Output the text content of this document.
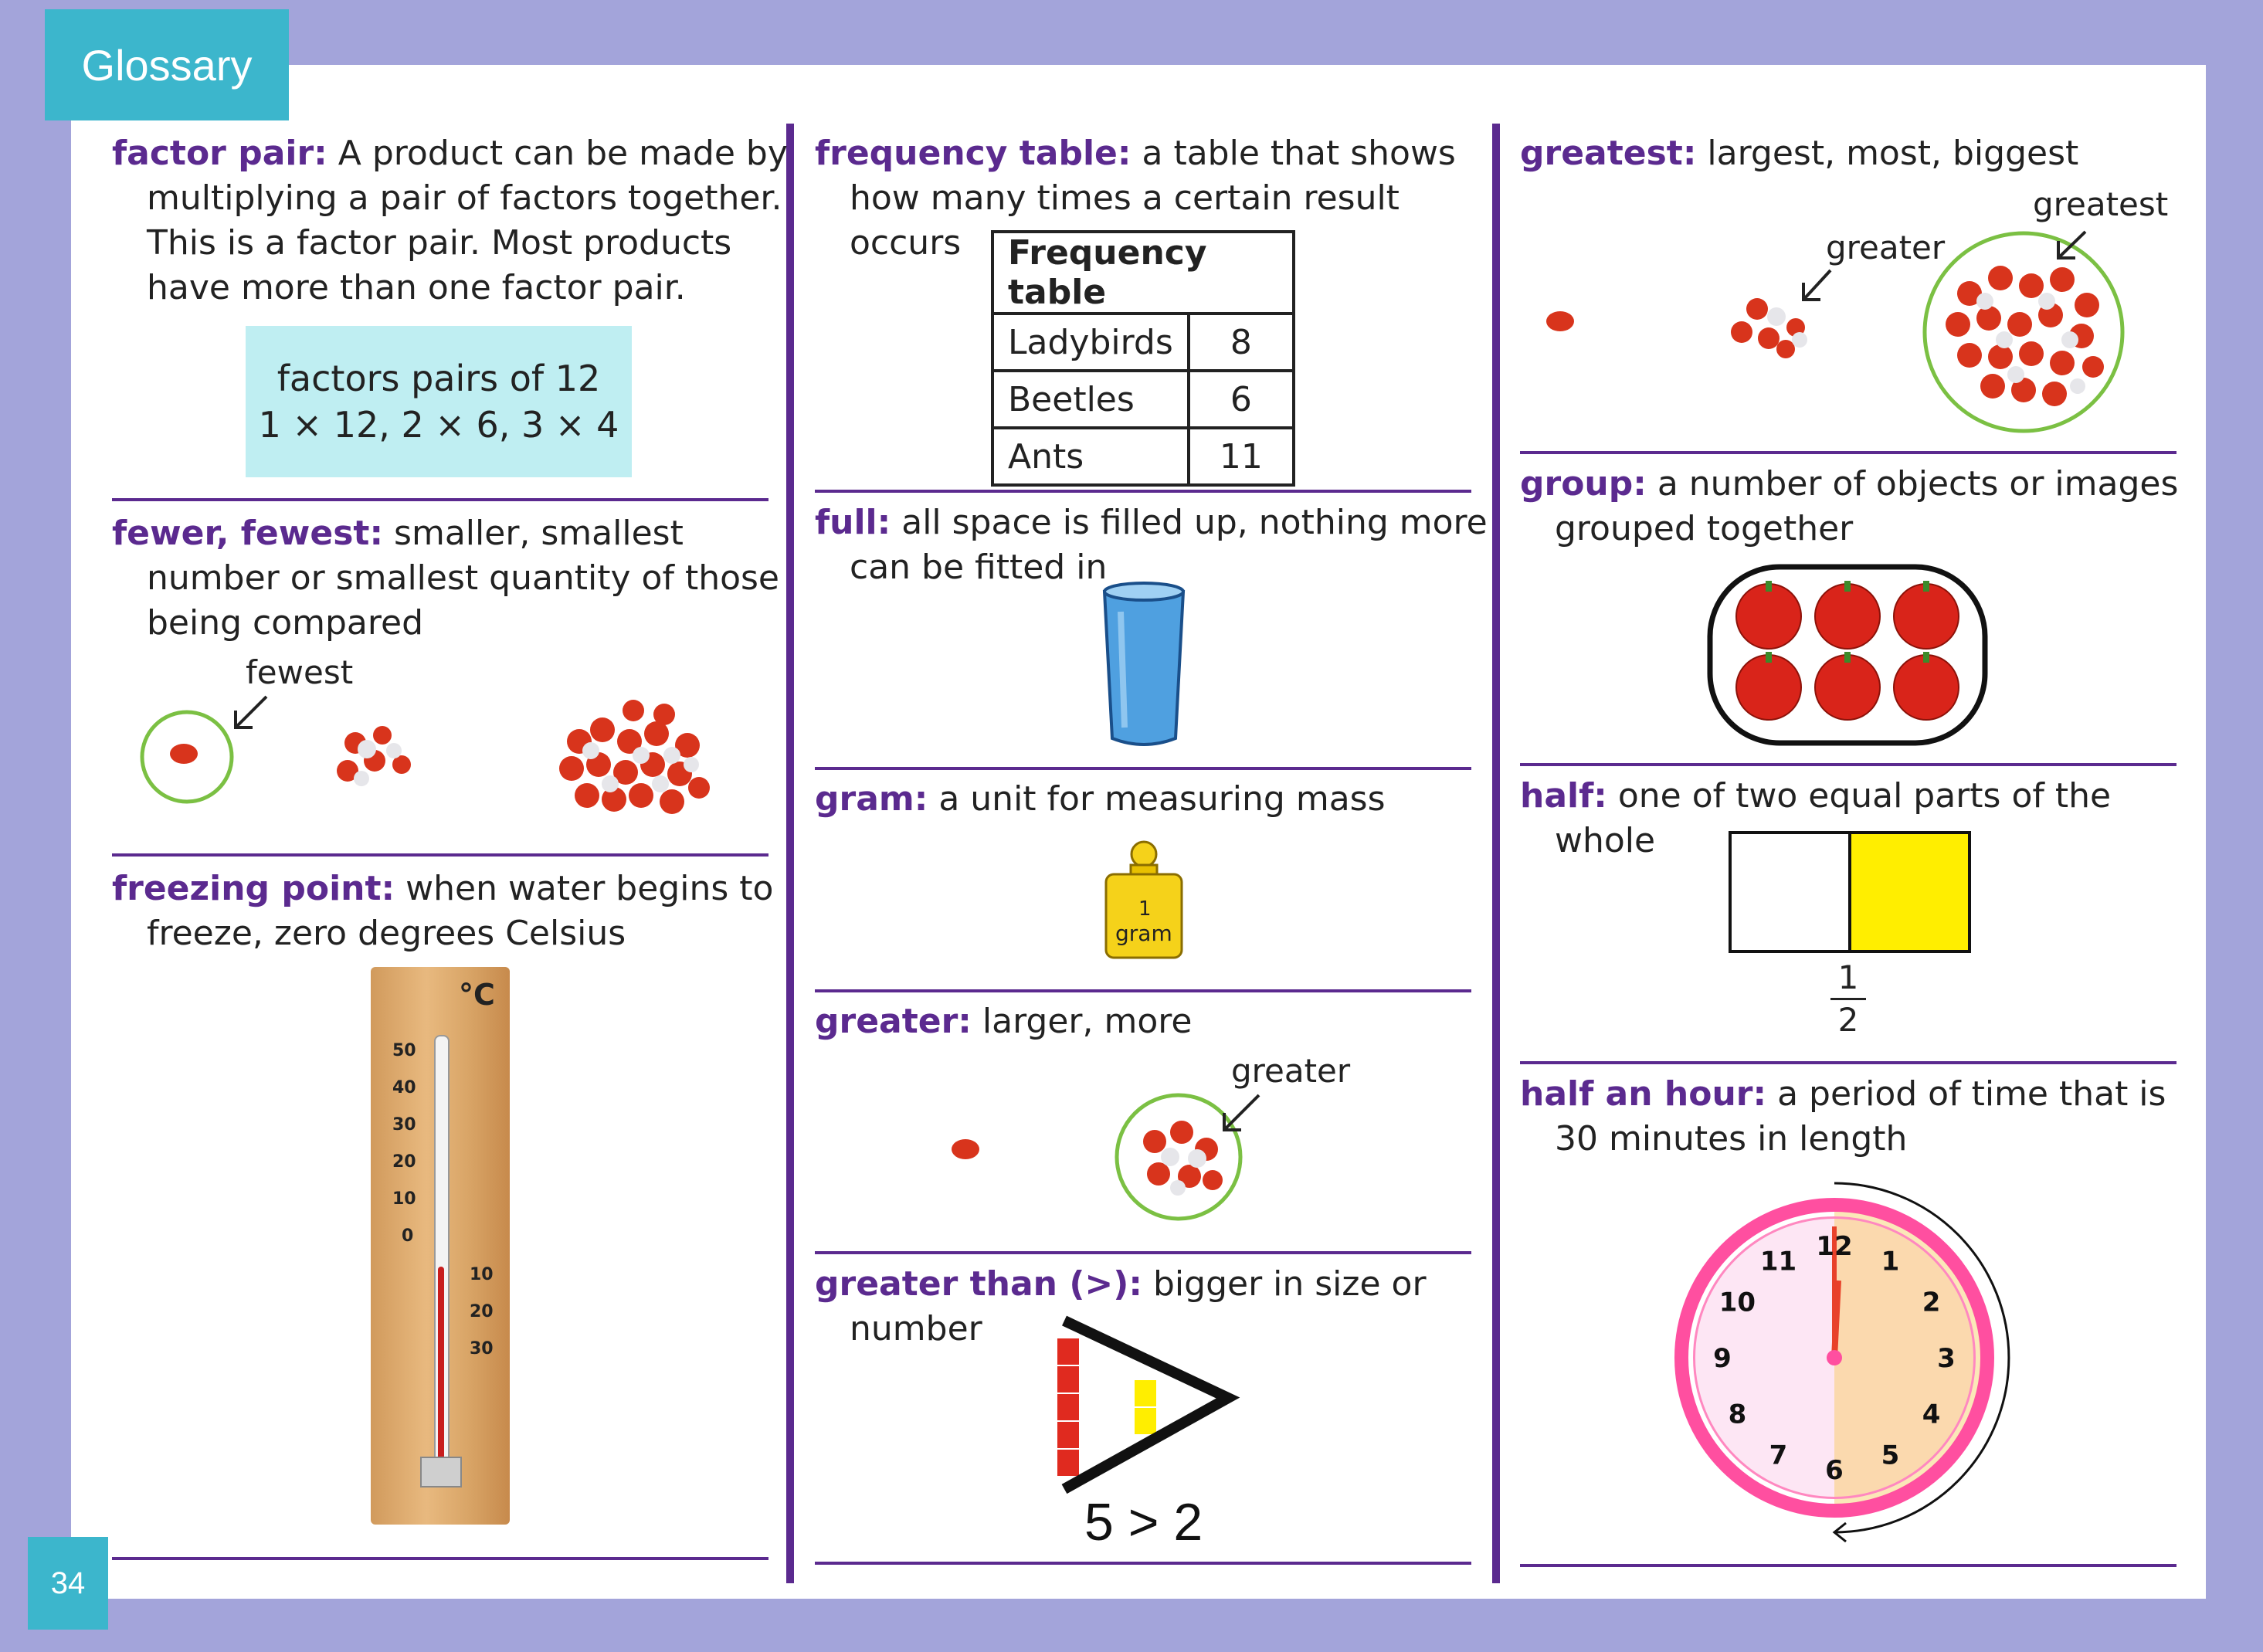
Glossary
34
factor pair: A product can be made by multiplying a pair of factors together. This is a factor pair. Most products have more than one factor pair.
factors pairs of 12
1 × 12, 2 × 6, 3 × 4
fewer, fewest: smaller, smallest number or smallest quantity of those being compared
fewest
freezing point: when water begins to freeze, zero degrees Celsius
°C
50
40
30
20
10
0
10
20
30
frequency table: a table that shows how many times a certain result occurs	Frequency table	
Ladybirds	8
Beetles	6
Ants	11
full: all space is filled up, nothing more can be fitted in
gram: a unit for measuring mass
1
gram
greater: larger, more
greater
greater than (>): bigger in size or number
5 > 2
greatest: largest, most, biggest
greater
greatest
group: a number of objects or images grouped together
half: one of two equal parts of the whole
$\frac{1}{2}$
half an hour: a period of time that is 30 minutes in length
12 1
2
3
4
5
6
7
8
9
10
11
